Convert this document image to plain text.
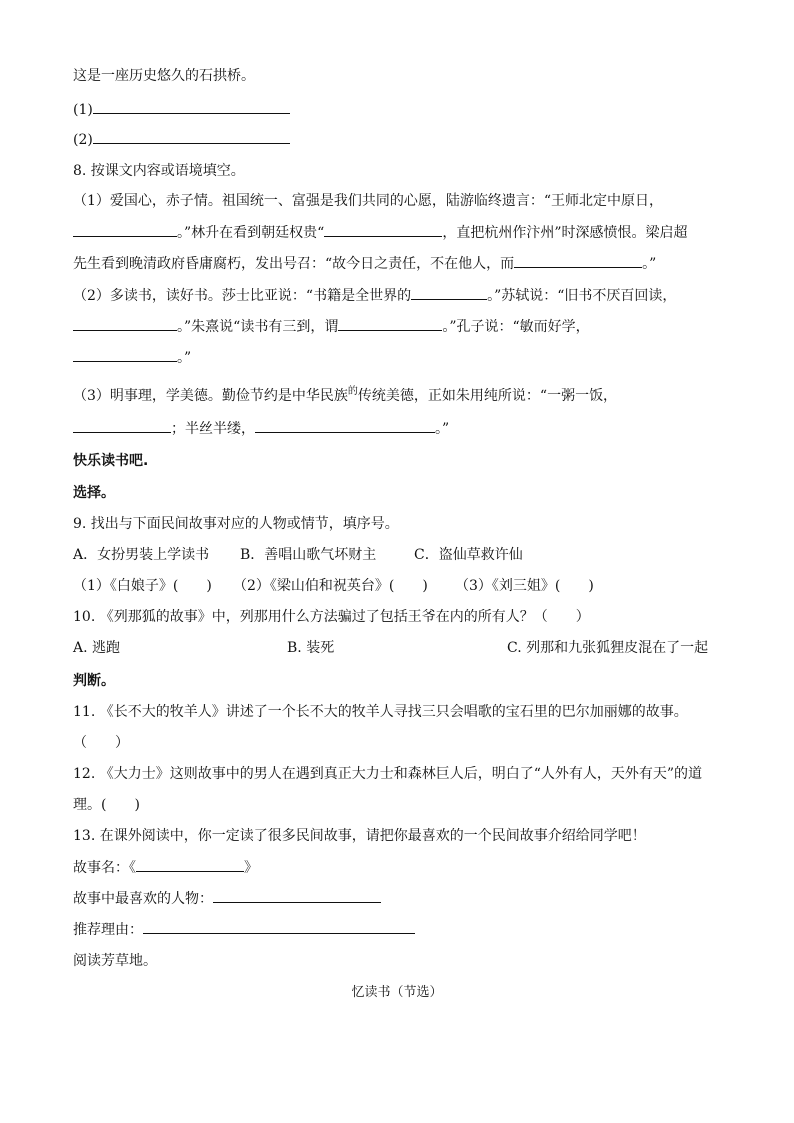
这是一座历史悠久的石拱桥。
(1)
(2)
8. 按课文内容或语境填空。
（1）爱国心，赤子情。祖国统一、富强是我们共同的心愿，陆游临终遗言：“王师北定中原日，
。”林升在看到朝廷权贵“	，直把杭州作汴州”时深感愤恨。梁启超
先生看到晚清政府昏庸腐朽，发出号召：“故今日之责任，不在他人，而	。”
（2）多读书，读好书。莎士比亚说：“书籍是全世界的	。”苏轼说：“旧书不厌百回读，
。”朱熹说“读书有三到，谓	。”孔子说：“敏而好学，
。”
（3）明事理，学美德。勤俭节约是中华民族$^的$传统美德，正如朱用纯所说：“一粥一饭，
；半丝半缕，	。”
快乐读书吧.
选择。
9. 找出与下面民间故事对应的人物或情节，填序号。
A．女扮男装上学读书 B．善唱山歌气坏财主	C．盗仙草救许仙
（1）《白娘子》(　　) （2）《梁山伯和祝英台》(　　) （3）《刘三姐》(　　)
10. 《列那狐的故事》中，列那用什么方法骗过了包括王爷在内的所有人？（　　）
A. 逃跑	B. 装死	C. 列那和九张狐狸皮混在了一起
判断。
11. 《长不大的牧羊人》讲述了一个长不大的牧羊人寻找三只会唱歌的宝石里的巴尔加丽娜的故事。
（　　）
12. 《大力士》这则故事中的男人在遇到真正大力士和森林巨人后，明白了“人外有人，天外有天”的道
理。(　　)
13. 在课外阅读中，你一定读了很多民间故事，请把你最喜欢的一个民间故事介绍给同学吧！
故事名：《	》
故事中最喜欢的人物：
推荐理由：
阅读芳草地。
忆读书（节选）
